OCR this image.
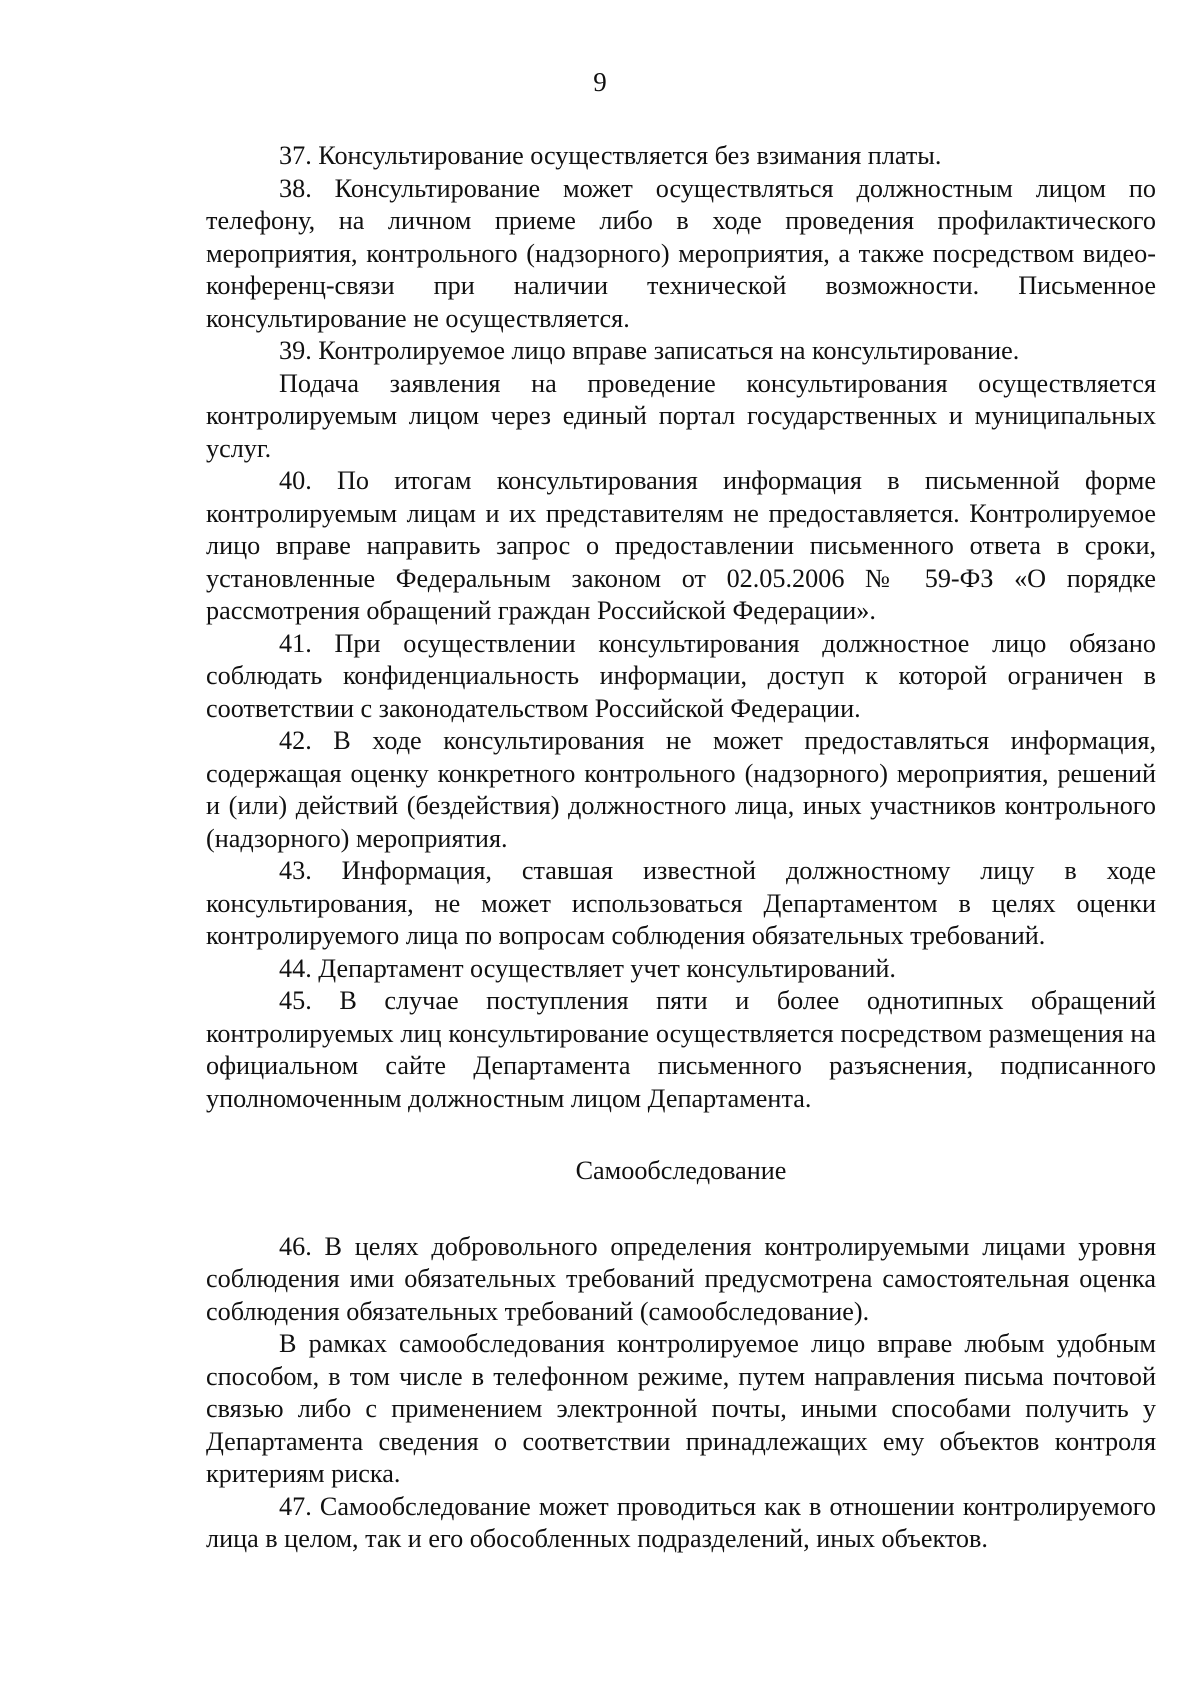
9

37. Консультирование осуществляется без взимания платы.

38. Консультирование может осуществляться должностным лицом по телефону, на личном приеме либо в ходе проведения профилактического мероприятия, контрольного (надзорного) мероприятия, а также посредством видео-конференц-связи при наличии технической возможности. Письменное консультирование не осуществляется.

39. Контролируемое лицо вправе записаться на консультирование.

Подача заявления на проведение консультирования осуществляется контролируемым лицом через единый портал государственных и муниципальных услуг.

40. По итогам консультирования информация в письменной форме контролируемым лицам и их представителям не предоставляется. Контролируемое лицо вправе направить запрос о предоставлении письменного ответа в сроки, установленные Федеральным законом от 02.05.2006 № 59-ФЗ «О порядке рассмотрения обращений граждан Российской Федерации».

41. При осуществлении консультирования должностное лицо обязано соблюдать конфиденциальность информации, доступ к которой ограничен в соответствии с законодательством Российской Федерации.

42. В ходе консультирования не может предоставляться информация, содержащая оценку конкретного контрольного (надзорного) мероприятия, решений и (или) действий (бездействия) должностного лица, иных участников контрольного (надзорного) мероприятия.

43. Информация, ставшая известной должностному лицу в ходе консультирования, не может использоваться Департаментом в целях оценки контролируемого лица по вопросам соблюдения обязательных требований.

44. Департамент осуществляет учет консультирований.

45. В случае поступления пяти и более однотипных обращений контролируемых лиц консультирование осуществляется посредством размещения на официальном сайте Департамента письменного разъяснения, подписанного уполномоченным должностным лицом Департамента.

Самообследование

46. В целях добровольного определения контролируемыми лицами уровня соблюдения ими обязательных требований предусмотрена самостоятельная оценка соблюдения обязательных требований (самообследование).

В рамках самообследования контролируемое лицо вправе любым удобным способом, в том числе в телефонном режиме, путем направления письма почтовой связью либо с применением электронной почты, иными способами получить у Департамента сведения о соответствии принадлежащих ему объектов контроля критериям риска.

47. Самообследование может проводиться как в отношении контролируемого лица в целом, так и его обособленных подразделений, иных объектов.
